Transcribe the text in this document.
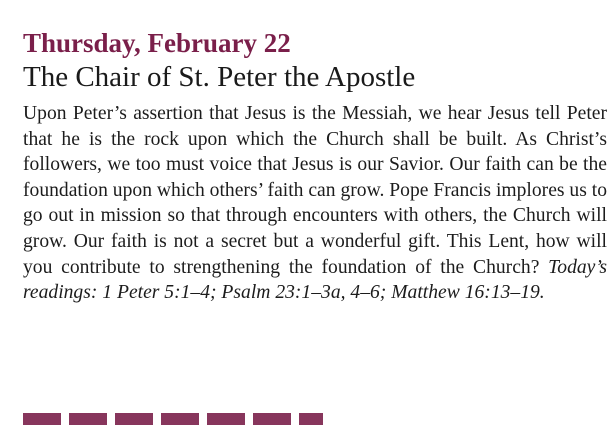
Thursday, February 22
The Chair of St. Peter the Apostle

Upon Peter’s assertion that Jesus is the Messiah, we hear Jesus tell Peter that he is the rock upon which the Church shall be built. As Christ’s followers, we too must voice that Jesus is our Savior. Our faith can be the foundation upon which others’ faith can grow. Pope Francis implores us to go out in mission so that through encounters with others, the Church will grow. Our faith is not a secret but a wonderful gift. This Lent, how will you contribute to strengthening the foundation of the Church? Today’s readings: 1 Peter 5:1–4; Psalm 23:1–3a, 4–6; Matthew 16:13–19.
